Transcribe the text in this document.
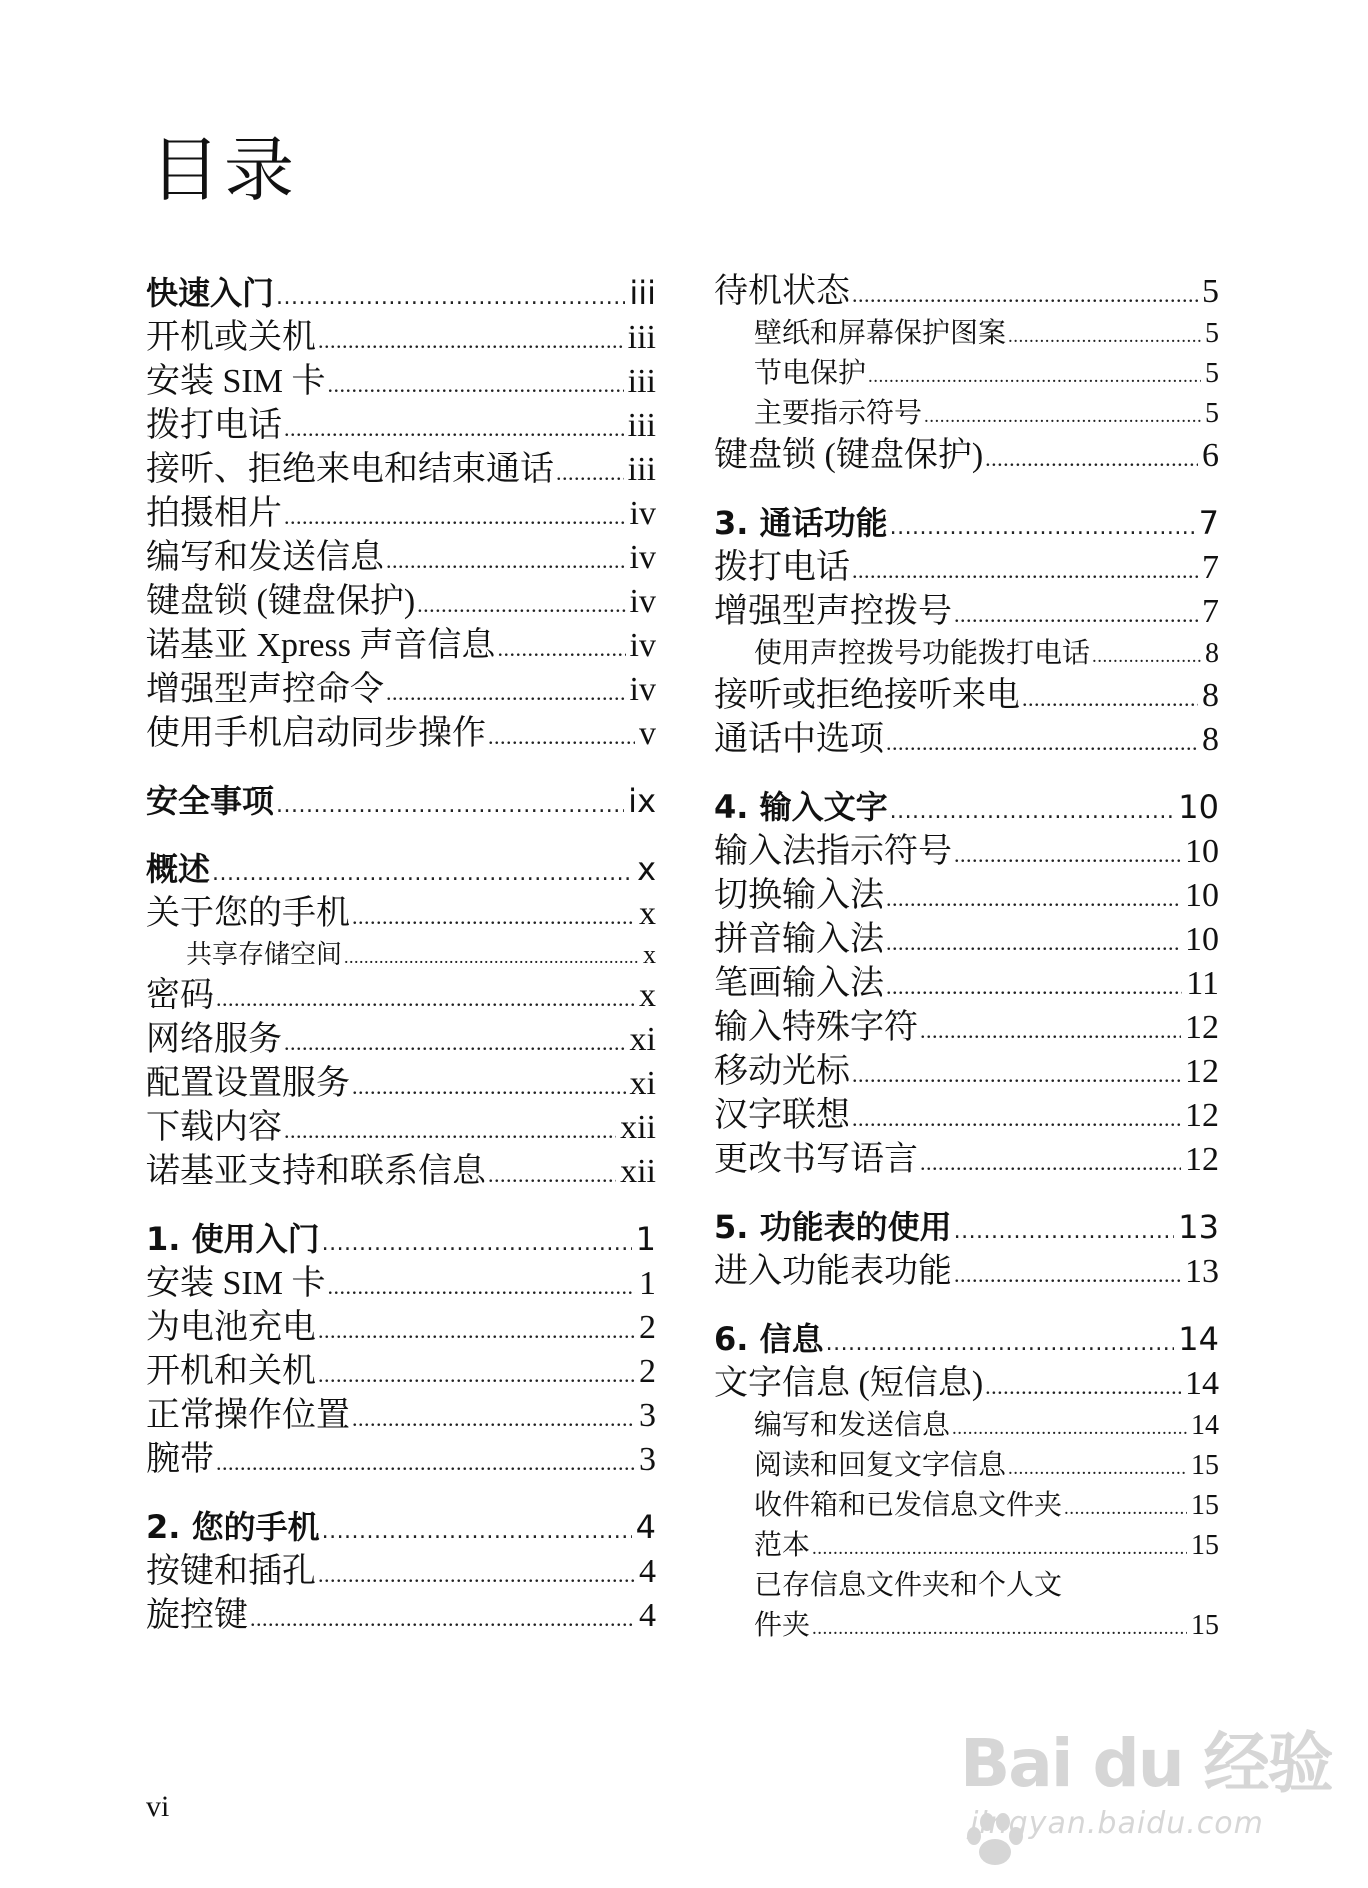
目录
快速入门 .....	iii
开机或关机 .....	iii
安装 SIM 卡 .....	iii
拨打电话 .....	iii
接听、拒绝来电和结束通话 ..... iii
拍摄相片 .....	iv
编写和发送信息 .....	iv
键盘锁 (键盘保护) .....	iv
诺基亚 Xpress 声音信息 .....	iv
增强型声控命令 .....	iv
使用手机启动同步操作 .....	v
安全事项 .....	ix
概述 .....	x
关于您的手机 .....	x
共享存储空间 .....	x
密码 .....	x
网络服务 .....	xi
配置设置服务 .....	xi
下载内容 .....	xii
诺基亚支持和联系信息 .....	xii
1. 使用入门 .....	1
安装 SIM 卡 .....	1
为电池充电 .....	2
开机和关机 .....	2
正常操作位置 .....	3
腕带 .....	3
2. 您的手机 .....	4
按键和插孔 .....	4
旋控键 .....	4
待机状态 .....	5
壁纸和屏幕保护图案 .....	5
节电保护 .....	5
主要指示符号 .....	5
键盘锁 (键盘保护) .....	6
3. 通话功能 .....	7
拨打电话 .....	7
增强型声控拨号 .....	7
使用声控拨号功能拨打电话 .....	8
接听或拒绝接听来电 .....	8
通话中选项 .....	8
4. 输入文字 .....	10
输入法指示符号 .....	10
切换输入法 .....	10
拼音输入法 .....	10
笔画输入法 .....	11
输入特殊字符 .....	12
移动光标 .....	12
汉字联想 .....	12
更改书写语言 .....	12
5. 功能表的使用 .....	13
进入功能表功能 .....	13
6. 信息 .....	14
文字信息 (短信息) .....	14
编写和发送信息 .....	14
阅读和回复文字信息 .....	15
收件箱和已发信息文件夹 .....	15
范本 .....	15
已存信息文件夹和个人文
件夹 .....	15
vi
Bai du 经验
jingyan.baidu.com
